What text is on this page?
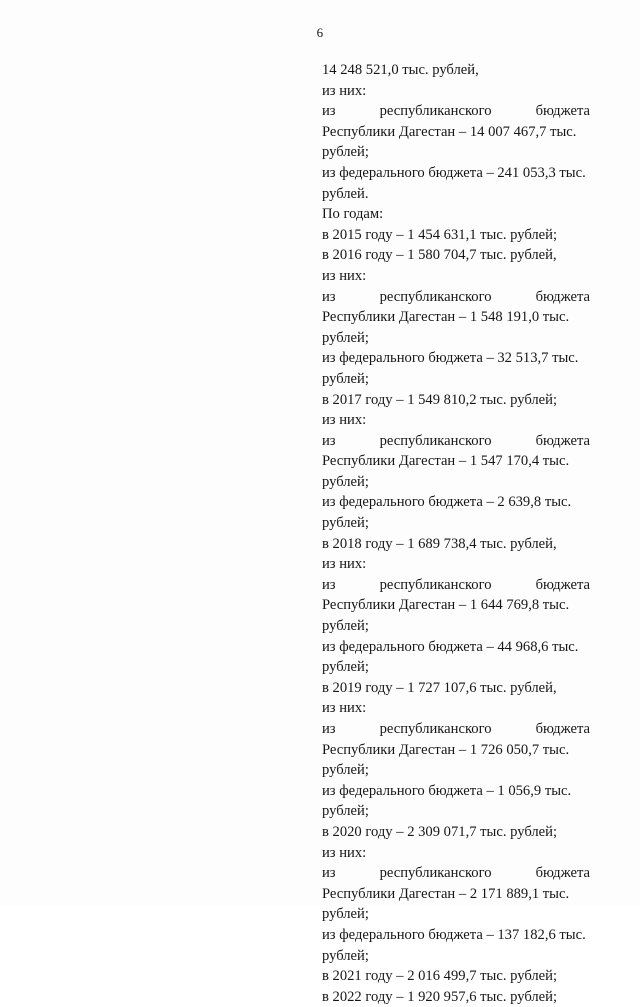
6
14 248 521,0 тыс. рублей,
из них:
из	республиканского	бюджета
Республики Дагестан – 14 007 467,7 тыс.
рублей;
из федерального бюджета – 241 053,3 тыс.
рублей.
По годам:
в 2015 году – 1 454 631,1 тыс. рублей;
в 2016 году – 1 580 704,7 тыс. рублей,
из них:
из	республиканского	бюджета
Республики Дагестан – 1 548 191,0 тыс.
рублей;
из федерального бюджета – 32 513,7 тыс.
рублей;
в 2017 году – 1 549 810,2 тыс. рублей;
из них:
из	республиканского	бюджета
Республики Дагестан – 1 547 170,4 тыс.
рублей;
из федерального бюджета – 2 639,8 тыс.
рублей;
в 2018 году – 1 689 738,4 тыс. рублей,
из них:
из	республиканского	бюджета
Республики Дагестан – 1 644 769,8 тыс.
рублей;
из федерального бюджета – 44 968,6 тыс.
рублей;
в 2019 году – 1 727 107,6 тыс. рублей,
из них:
из	республиканского	бюджета
Республики Дагестан – 1 726 050,7 тыс.
рублей;
из федерального бюджета – 1 056,9 тыс.
рублей;
в 2020 году – 2 309 071,7 тыс. рублей;
из них:
из	республиканского	бюджета
Республики Дагестан – 2 171 889,1 тыс.
рублей;
из федерального бюджета – 137 182,6 тыс.
рублей;
в 2021 году – 2 016 499,7 тыс. рублей;
в 2022 году – 1 920 957,6 тыс. рублей;
